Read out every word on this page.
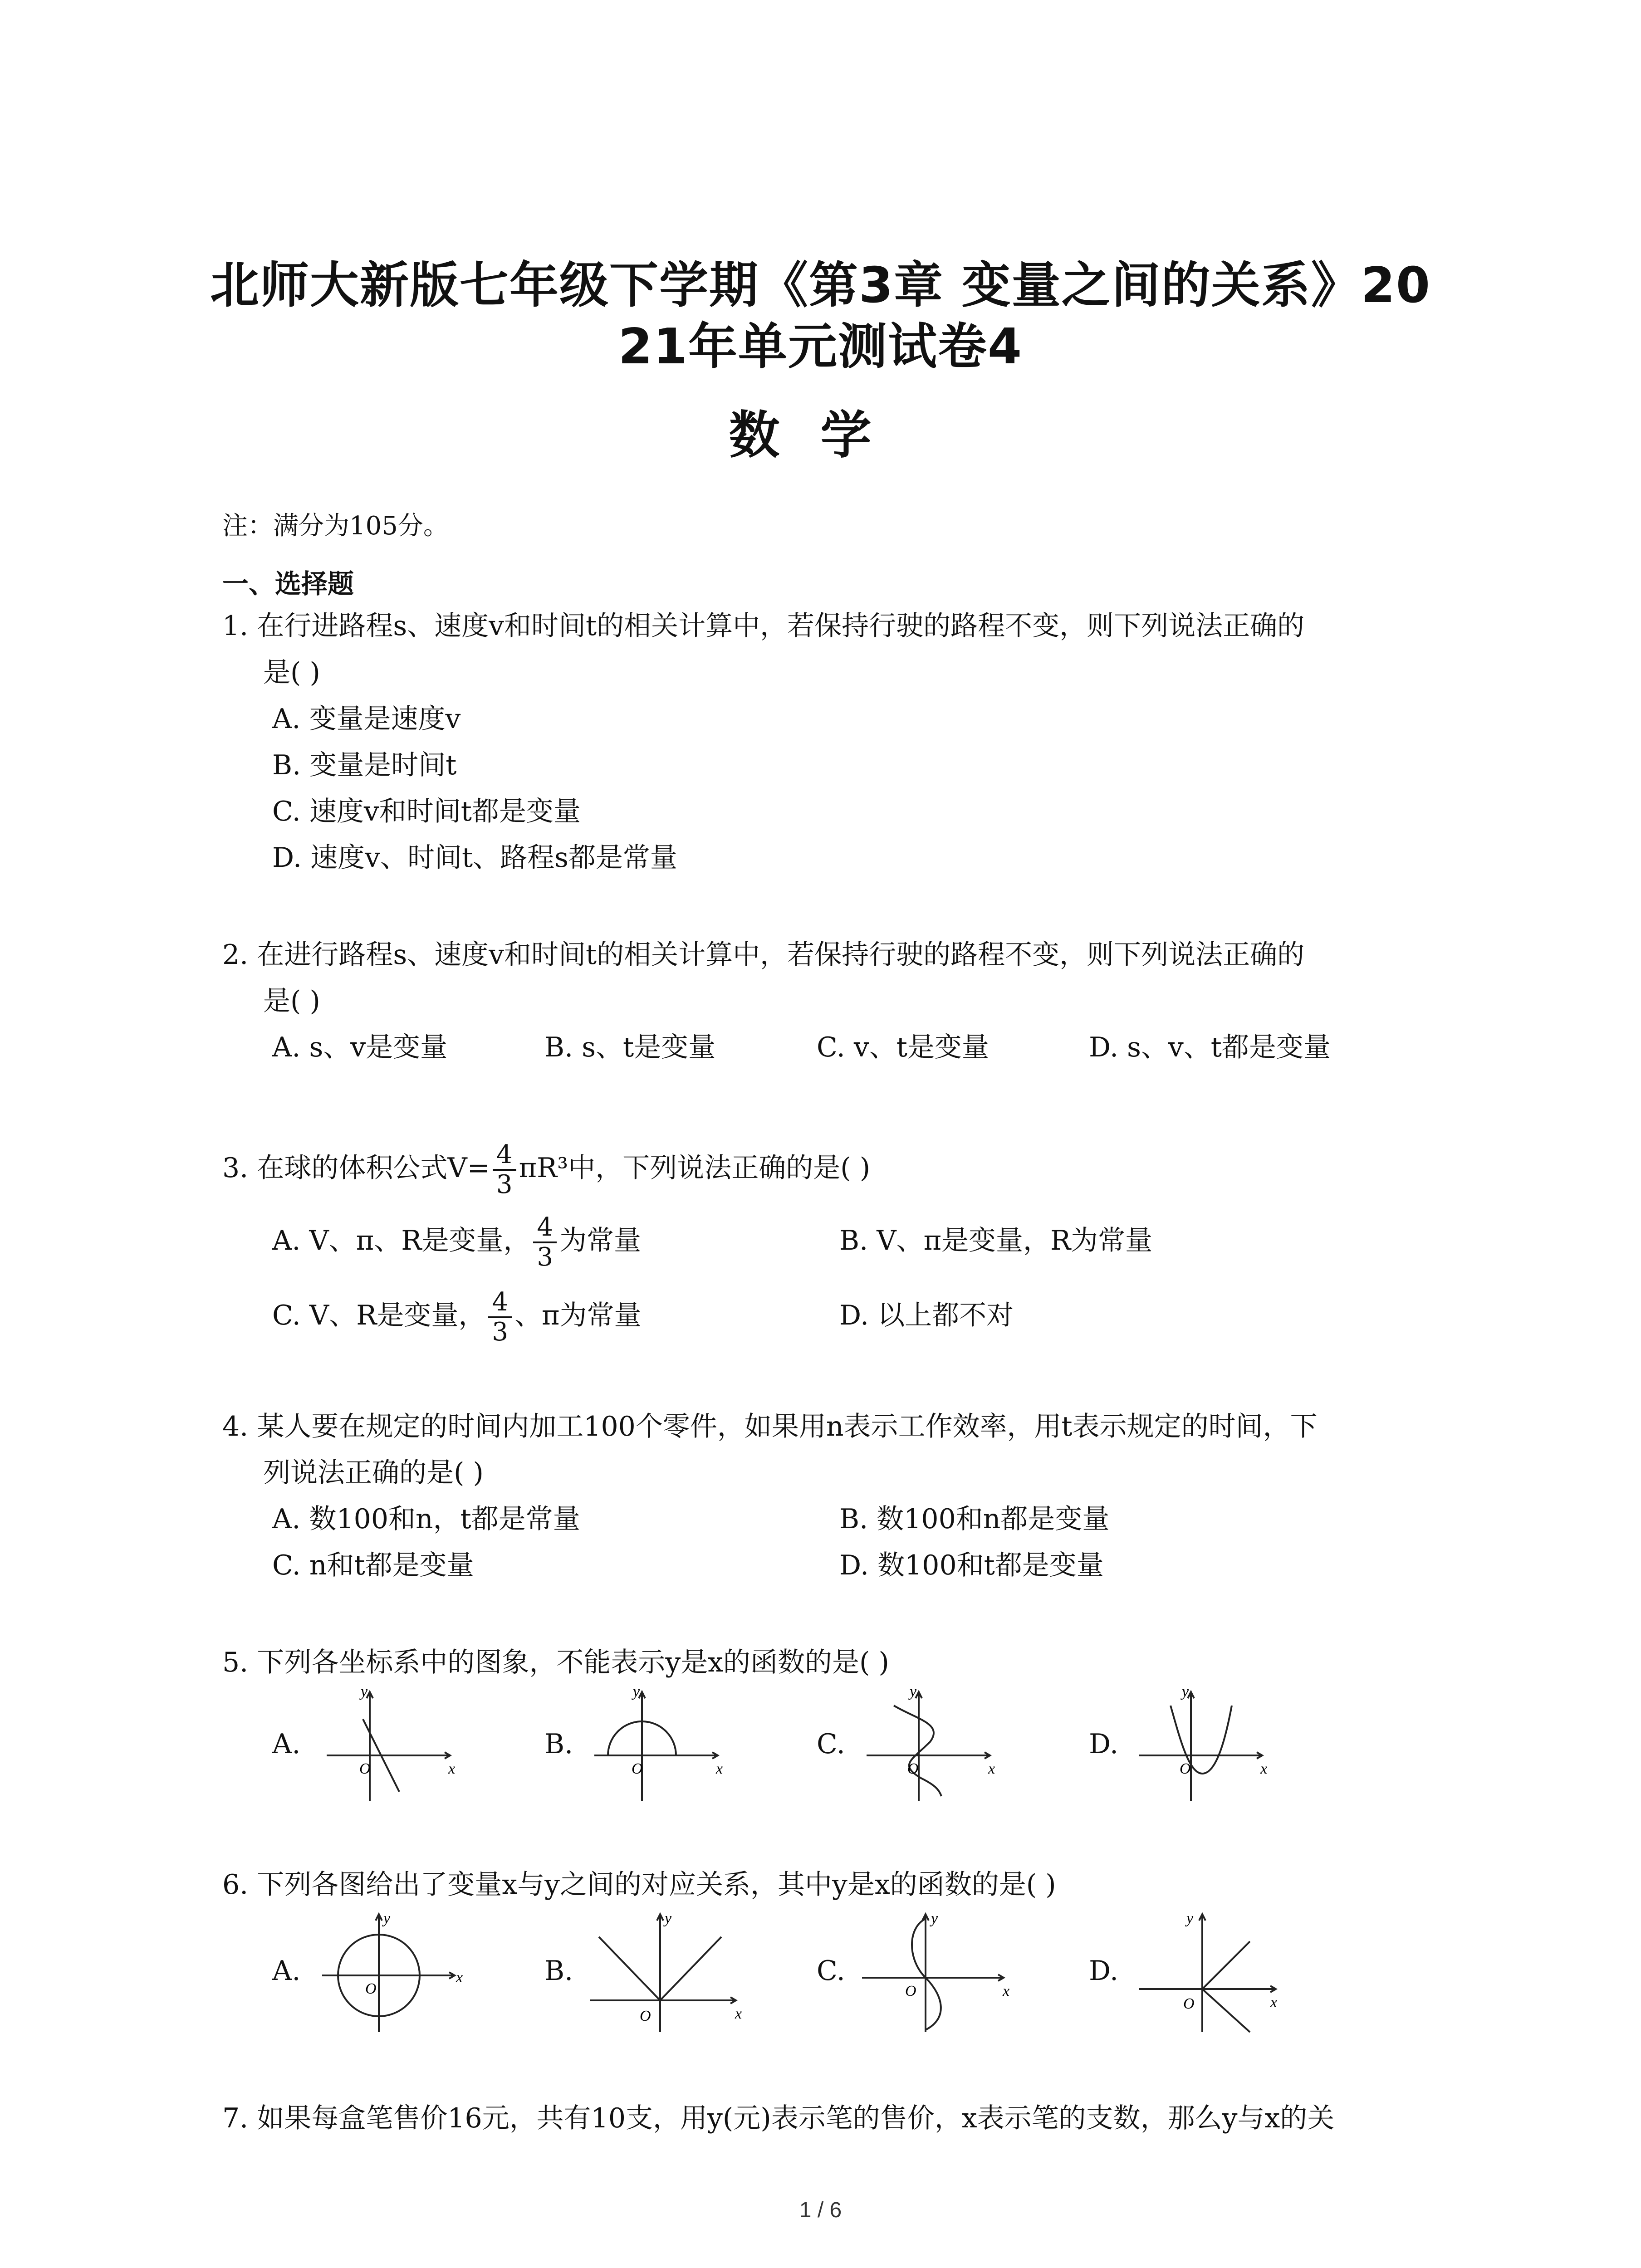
北师大新版七年级下学期《第3章 变量之间的关系》20
21年单元测试卷4
数学
注：满分为105分。
一、选择题
1. 在行进路程s、速度v和时间t的相关计算中，若保持行驶的路程不变，则下列说法正确的
是( )
A. 变量是速度v
B. 变量是时间t
C. 速度v和时间t都是变量
D. 速度v、时间t、路程s都是常量
2. 在进行路程s、速度v和时间t的相关计算中，若保持行驶的路程不变，则下列说法正确的
是( )
A. s、v是变量	B. s、t是变量	C. v、t是变量	D. s、v、t都是变量
3. 在球的体积公式$V= \frac{4}{3} \pi R^3$中，下列说法正确的是( )
A. V、π、R是变量， $\frac{4}{3}$ 为常量	B. V、π是变量，R为常量
C. V、R是变量， $\frac{4}{3}$ 、π为常量	D. 以上都不对
4. 某人要在规定的时间内加工100个零件，如果用n表示工作效率，用t表示规定的时间，下
列说法正确的是( )
A. 数100和n，t都是常量	B. 数100和n都是变量
C. n和t都是变量	D. 数100和t都是变量
5. 下列各坐标系中的图象，不能表示y是x的函数的是( )
A.
y
x
O
B.
y
x
O
C.
y
x
O
D.
y
x
O
6. 下列各图给出了变量x与y之间的对应关系，其中y是x的函数的是( )
A.
y
x
O
B.
y
x
O
C.
y
x
O
D.
y
x
O
7. 如果每盒笔售价16元，共有10支，用y(元)表示笔的售价，x表示笔的支数，那么y与x的关
1 / 6
